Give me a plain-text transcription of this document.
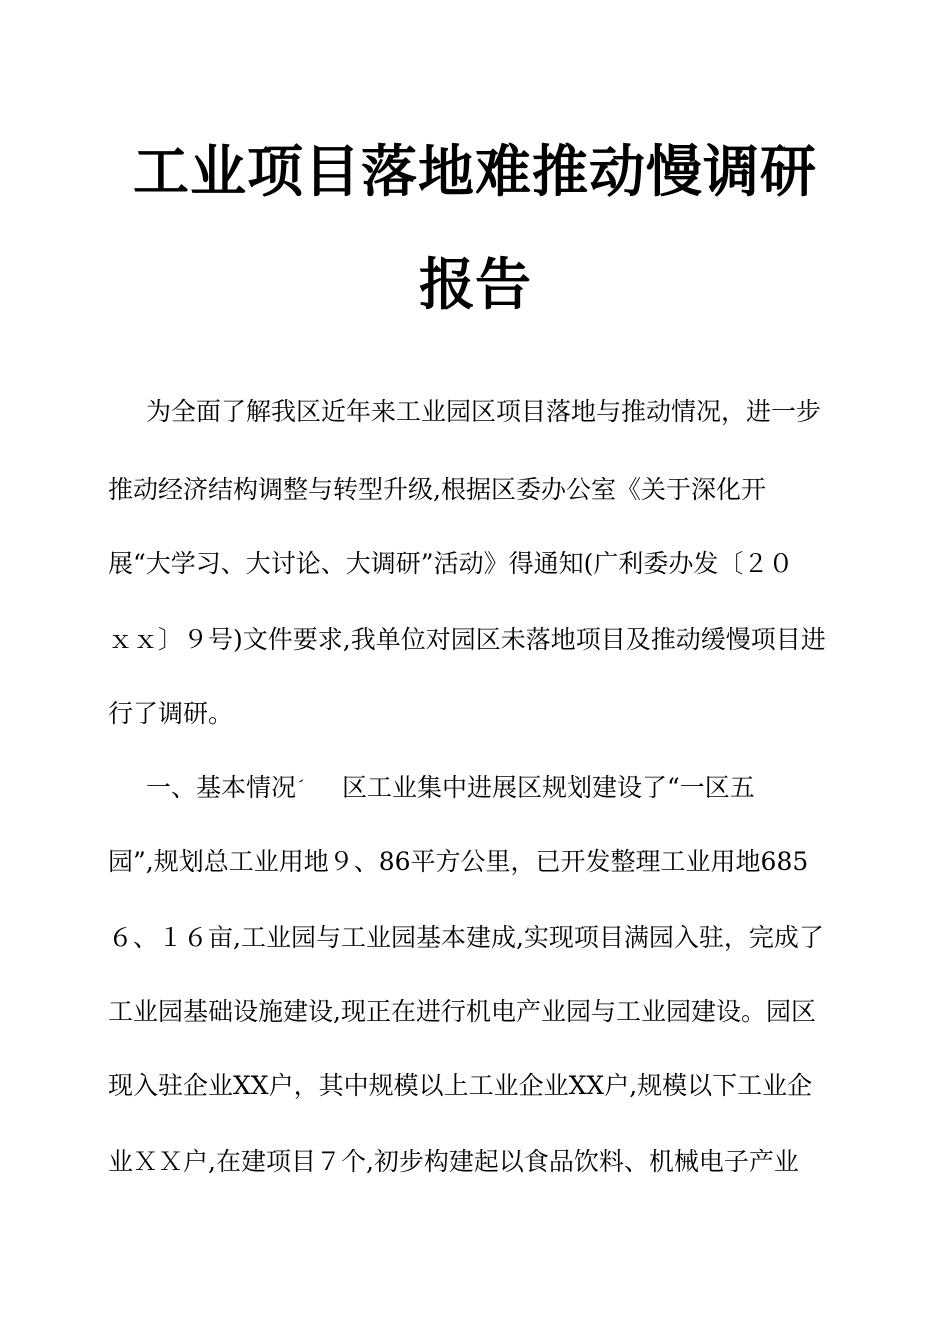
工业项目落地难推动慢调研
报告
为全面了解我区近年来工业园区项目落地与推动情况，进一步
推动经济结构调整与转型升级,根据区委办公室《关于深化开
展“大学习、大讨论、大调研”活动》得通知(广利委办发〔２０
ｘｘ〕９号)文件要求,我单位对园区未落地项目及推动缓慢项目进
行了调研。
一、基本情况 区工业集中进展区规划建设了“一区五
园”,规划总工业用地９、86平方公里，已开发整理工业用地685
６、１６亩,工业园与工业园基本建成,实现项目满园入驻，完成了
工业园基础设施建设,现正在进行机电产业园与工业园建设。园区
现入驻企业XX户，其中规模以上工业企业XX户,规模以下工业企
业ＸＸ户,在建项目７个,初步构建起以食品饮料、机械电子产业
